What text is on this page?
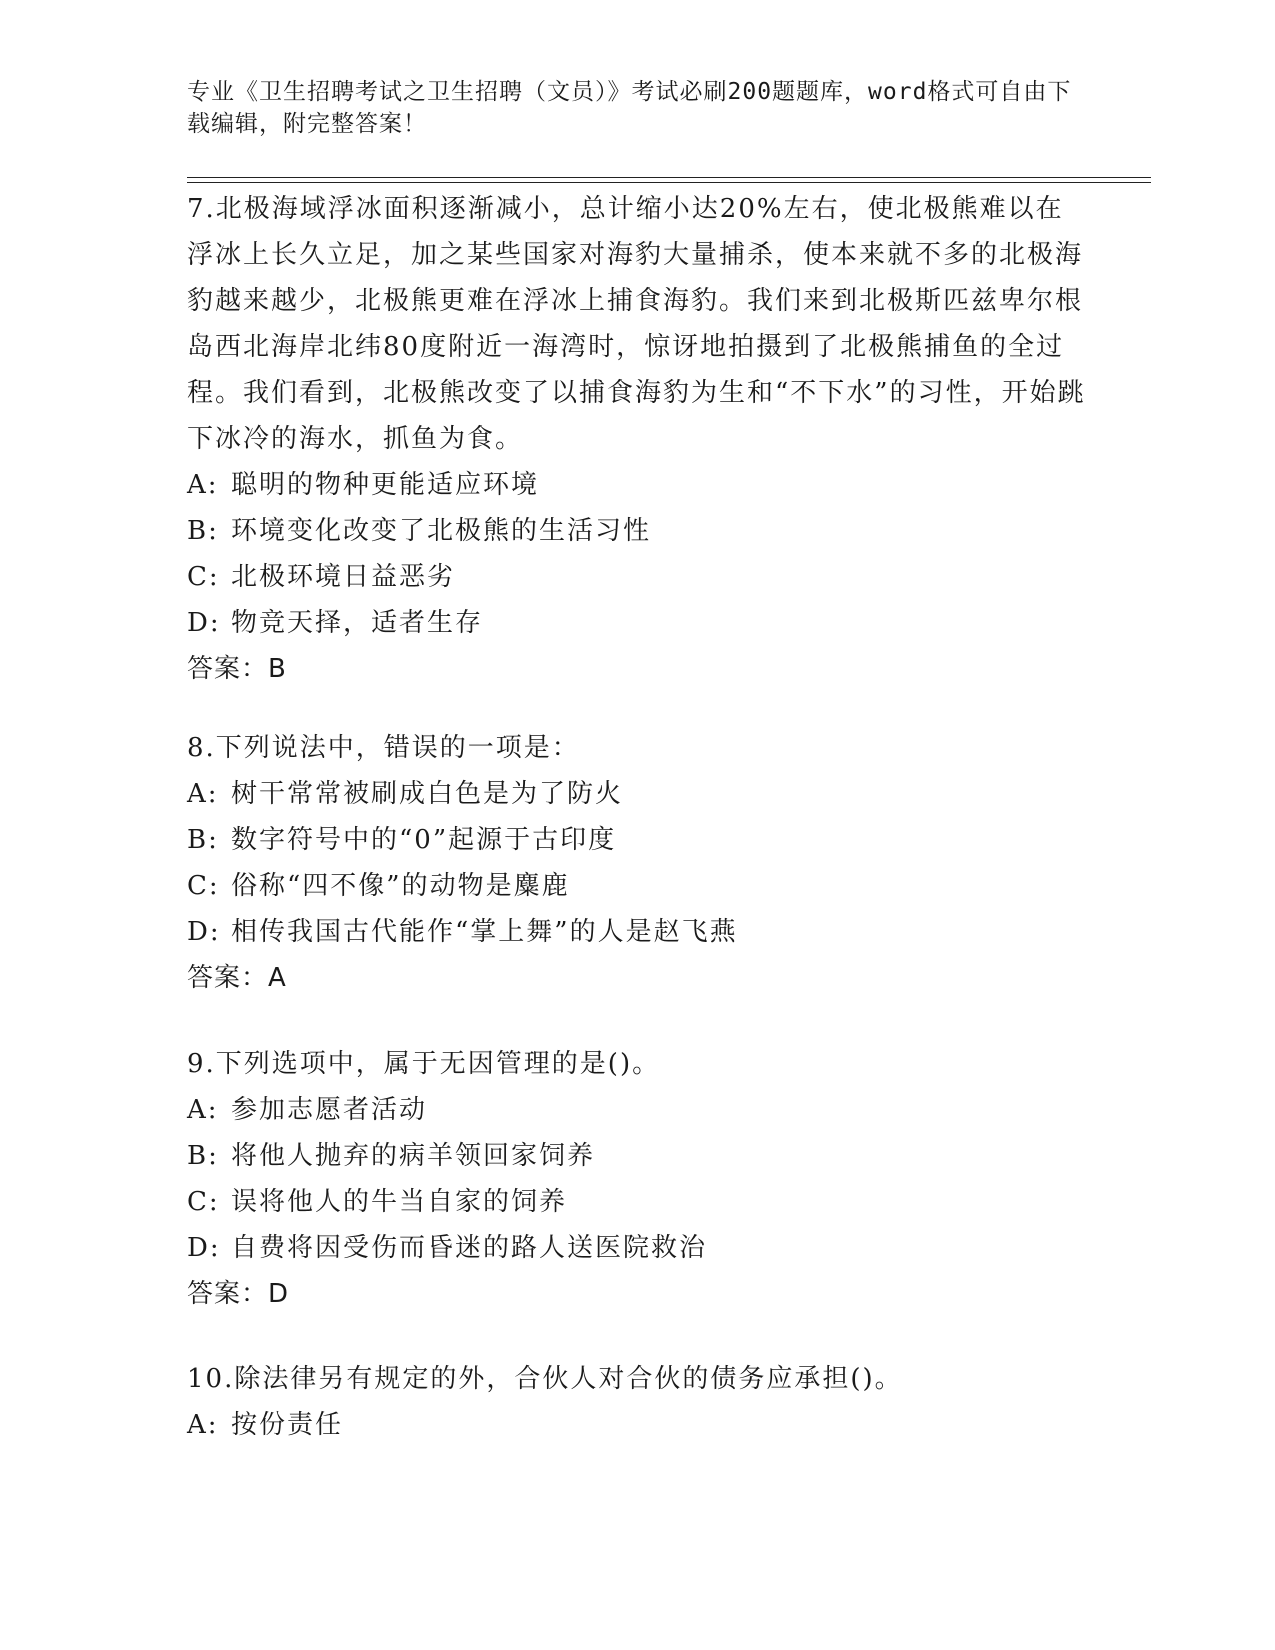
专业《卫生招聘考试之卫生招聘（文员）》考试必刷200题题库，word格式可自由下载编辑，附完整答案！

7.北极海域浮冰面积逐渐减小，总计缩小达20%左右，使北极熊难以在浮冰上长久立足，加之某些国家对海豹大量捕杀，使本来就不多的北极海豹越来越少，北极熊更难在浮冰上捕食海豹。我们来到北极斯匹兹卑尔根岛西北海岸北纬80度附近一海湾时，惊讶地拍摄到了北极熊捕鱼的全过程。我们看到，北极熊改变了以捕食海豹为生和“不下水”的习性，开始跳下冰冷的海水，抓鱼为食。

A: 聪明的物种更能适应环境

B: 环境变化改变了北极熊的生活习性

C: 北极环境日益恶劣

D: 物竞天择，适者生存

答案：B

8.下列说法中，错误的一项是：

A: 树干常常被刷成白色是为了防火

B: 数字符号中的“0”起源于古印度

C: 俗称“四不像”的动物是麋鹿

D: 相传我国古代能作“掌上舞”的人是赵飞燕

答案：A

9.下列选项中，属于无因管理的是()。

A: 参加志愿者活动

B: 将他人抛弃的病羊领回家饲养

C: 误将他人的牛当自家的饲养

D: 自费将因受伤而昏迷的路人送医院救治

答案：D

10.除法律另有规定的外，合伙人对合伙的债务应承担()。

A: 按份责任
